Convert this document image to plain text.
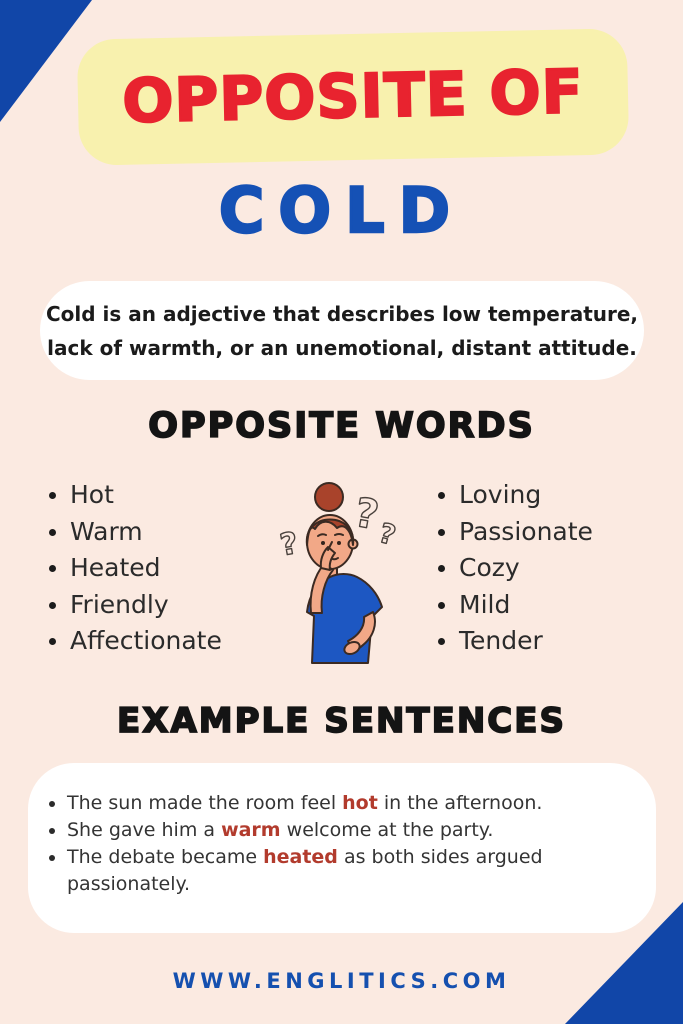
OPPOSITE OF
COLD
Cold is an adjective that describes low temperature,
lack of warmth, or an unemotional, distant attitude.
OPPOSITE WORDS
Hot
Warm
Heated
Friendly
Affectionate
?
?
?
Loving
Passionate
Cozy
Mild
Tender
EXAMPLE SENTENCES
The sun made the room feel hot in the afternoon.
She gave him a warm welcome at the party.
The debate became heated as both sides argued passionately.
WWW.ENGLITICS.COM
